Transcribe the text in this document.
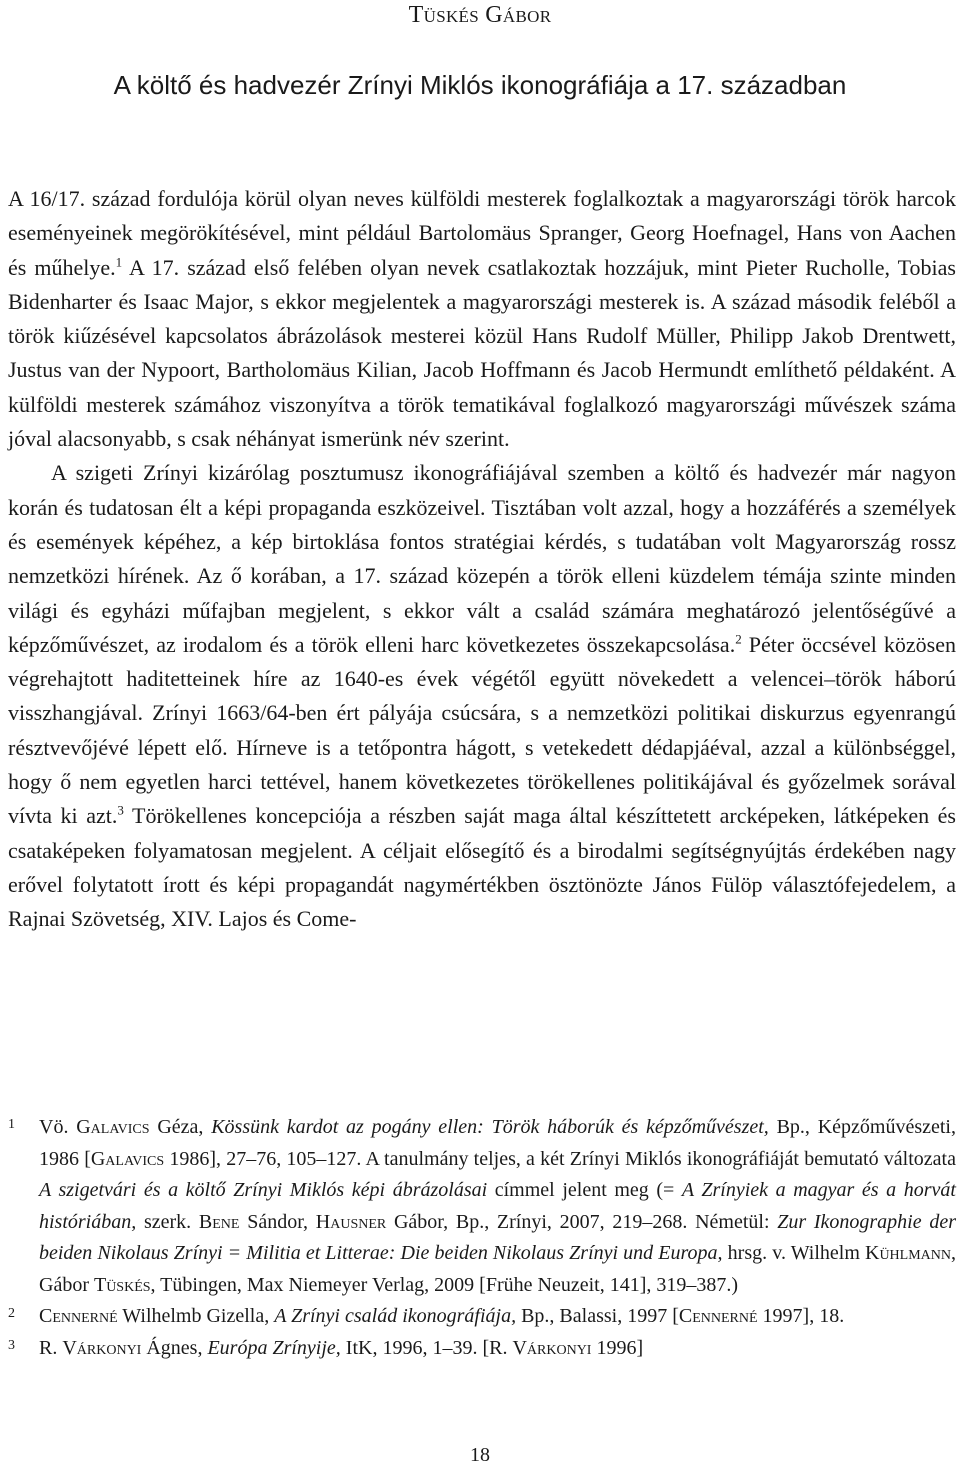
Tüskés Gábor
A költő és hadvezér Zrínyi Miklós ikonográfiája a 17. században

A 16/17. század fordulója körül olyan neves külföldi mesterek foglalkoztak a magyarországi török harcok eseményeinek megörökítésével, mint például Bartolomäus Spranger, Georg Hoefnagel, Hans von Aachen és műhelye.$^1$ A 17. század első felében olyan nevek csatlakoztak hozzájuk, mint Pieter Rucholle, Tobias Bidenharter és Isaac Major, s ekkor megjelentek a magyarországi mesterek is. A század második feléből a török kiűzésével kapcsolatos ábrázolások mesterei közül Hans Rudolf Müller, Philipp Jakob Drentwett, Justus van der Nypoort, Bartholomäus Kilian, Jacob Hoffmann és Jacob Hermundt említhető példaként. A külföldi mesterek számához viszonyítva a török tematikával foglalkozó magyarországi művészek száma jóval alacsonyabb, s csak néhányat ismerünk név szerint.

A szigeti Zrínyi kizárólag posztumusz ikonográfiájával szemben a költő és hadvezér már nagyon korán és tudatosan élt a képi propaganda eszközeivel. Tisztában volt azzal, hogy a hozzáférés a személyek és események képéhez, a kép birtoklása fontos stratégiai kérdés, s tudatában volt Magyarország rossz nemzetközi hírének. Az ő korában, a 17. század közepén a török elleni küzdelem témája szinte minden világi és egyházi műfajban megjelent, s ekkor vált a család számára meghatározó jelentőségűvé a képzőművészet, az irodalom és a török elleni harc következetes összekapcsolása.$^2$ Péter öccsével közösen végrehajtott haditetteinek híre az 1640-es évek végétől együtt növekedett a velencei–török háború visszhangjával. Zrínyi 1663/64-ben ért pályája csúcsára, s a nemzetközi politikai diskurzus egyenrangú résztvevőjévé lépett elő. Hírneve is a tetőpontra hágott, s vetekedett dédapjáéval, azzal a különbséggel, hogy ő nem egyetlen harci tettével, hanem következetes törökellenes politikájával és győzelmek sorával vívta ki azt.$^3$ Törökellenes koncepciója a részben saját maga által készíttetett arcképeken, látképeken és csataképeken folyamatosan megjelent. A céljait elősegítő és a birodalmi segítségnyújtás érdekében nagy erővel folytatott írott és képi propagandát nagymértékben ösztönözte János Fülöp választófejedelem, a Rajnai Szövetség, XIV. Lajos és Come-

1 Vö. Galavics Géza, Kössünk kardot az pogány ellen: Török háborúk és képzőművészet, Bp., Képzőművészeti, 1986 [Galavics 1986], 27–76, 105–127. A tanulmány teljes, a két Zrínyi Miklós ikonográfiáját bemutató változata A szigetvári és a költő Zrínyi Miklós képi ábrázolásai címmel jelent meg (= A Zrínyiek a magyar és a horvát históriában, szerk. Bene Sándor, Hausner Gábor, Bp., Zrínyi, 2007, 219–268. Németül: Zur Ikonographie der beiden Nikolaus Zrínyi = Militia et Litterae: Die beiden Nikolaus Zrínyi und Europa, hrsg. v. Wilhelm Kühlmann, Gábor Tüskés, Tübingen, Max Niemeyer Verlag, 2009 [Frühe Neuzeit, 141], 319–387.)
2 Cennerné Wilhelmb Gizella, A Zrínyi család ikonográfiája, Bp., Balassi, 1997 [Cennerné 1997], 18.
3 R. Várkonyi Ágnes, Európa Zrínyije, ItK, 1996, 1–39. [R. Várkonyi 1996]
18
